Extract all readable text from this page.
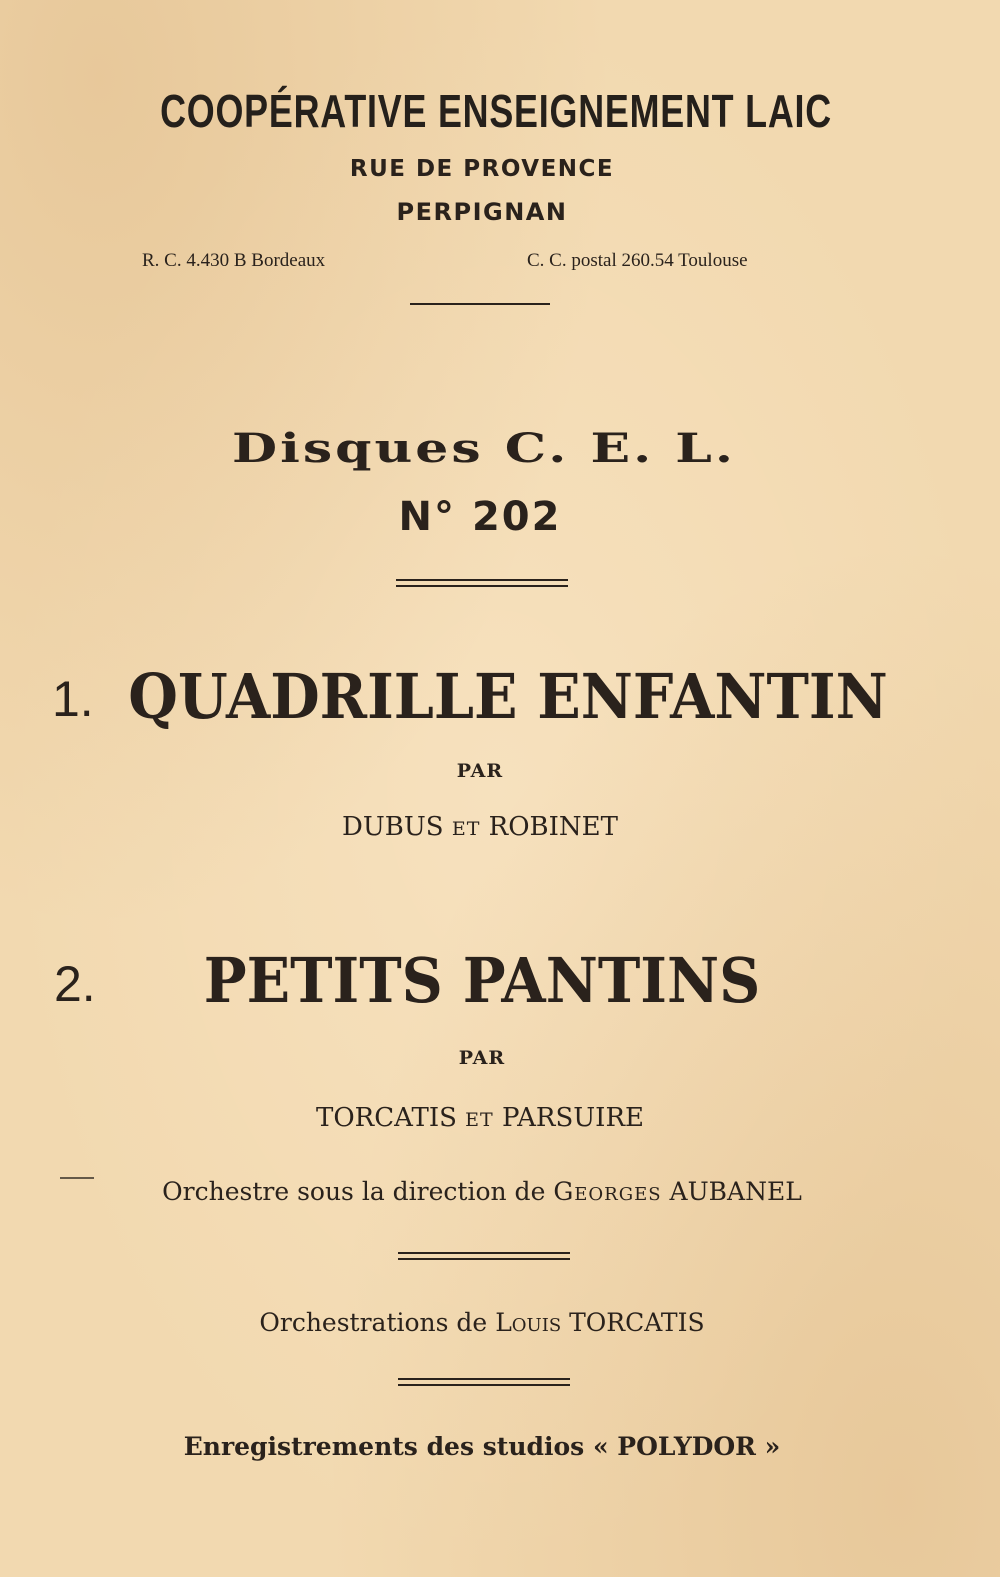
COOPÉRATIVE ENSEIGNEMENT LAIC
RUE DE PROVENCE
PERPIGNAN
R. C. 4.430 B Bordeaux	C. C. postal 260.54 Toulouse
Disques C. E. L.
N° 202
1. QUADRILLE ENFANTIN
PAR
DUBUS ET ROBINET
2.	PETITS PANTINS
PAR
TORCATIS ET PARSUIRE
Orchestre sous la direction de Georges AUBANEL
Orchestrations de Louis TORCATIS
Enregistrements des studios « POLYDOR »
